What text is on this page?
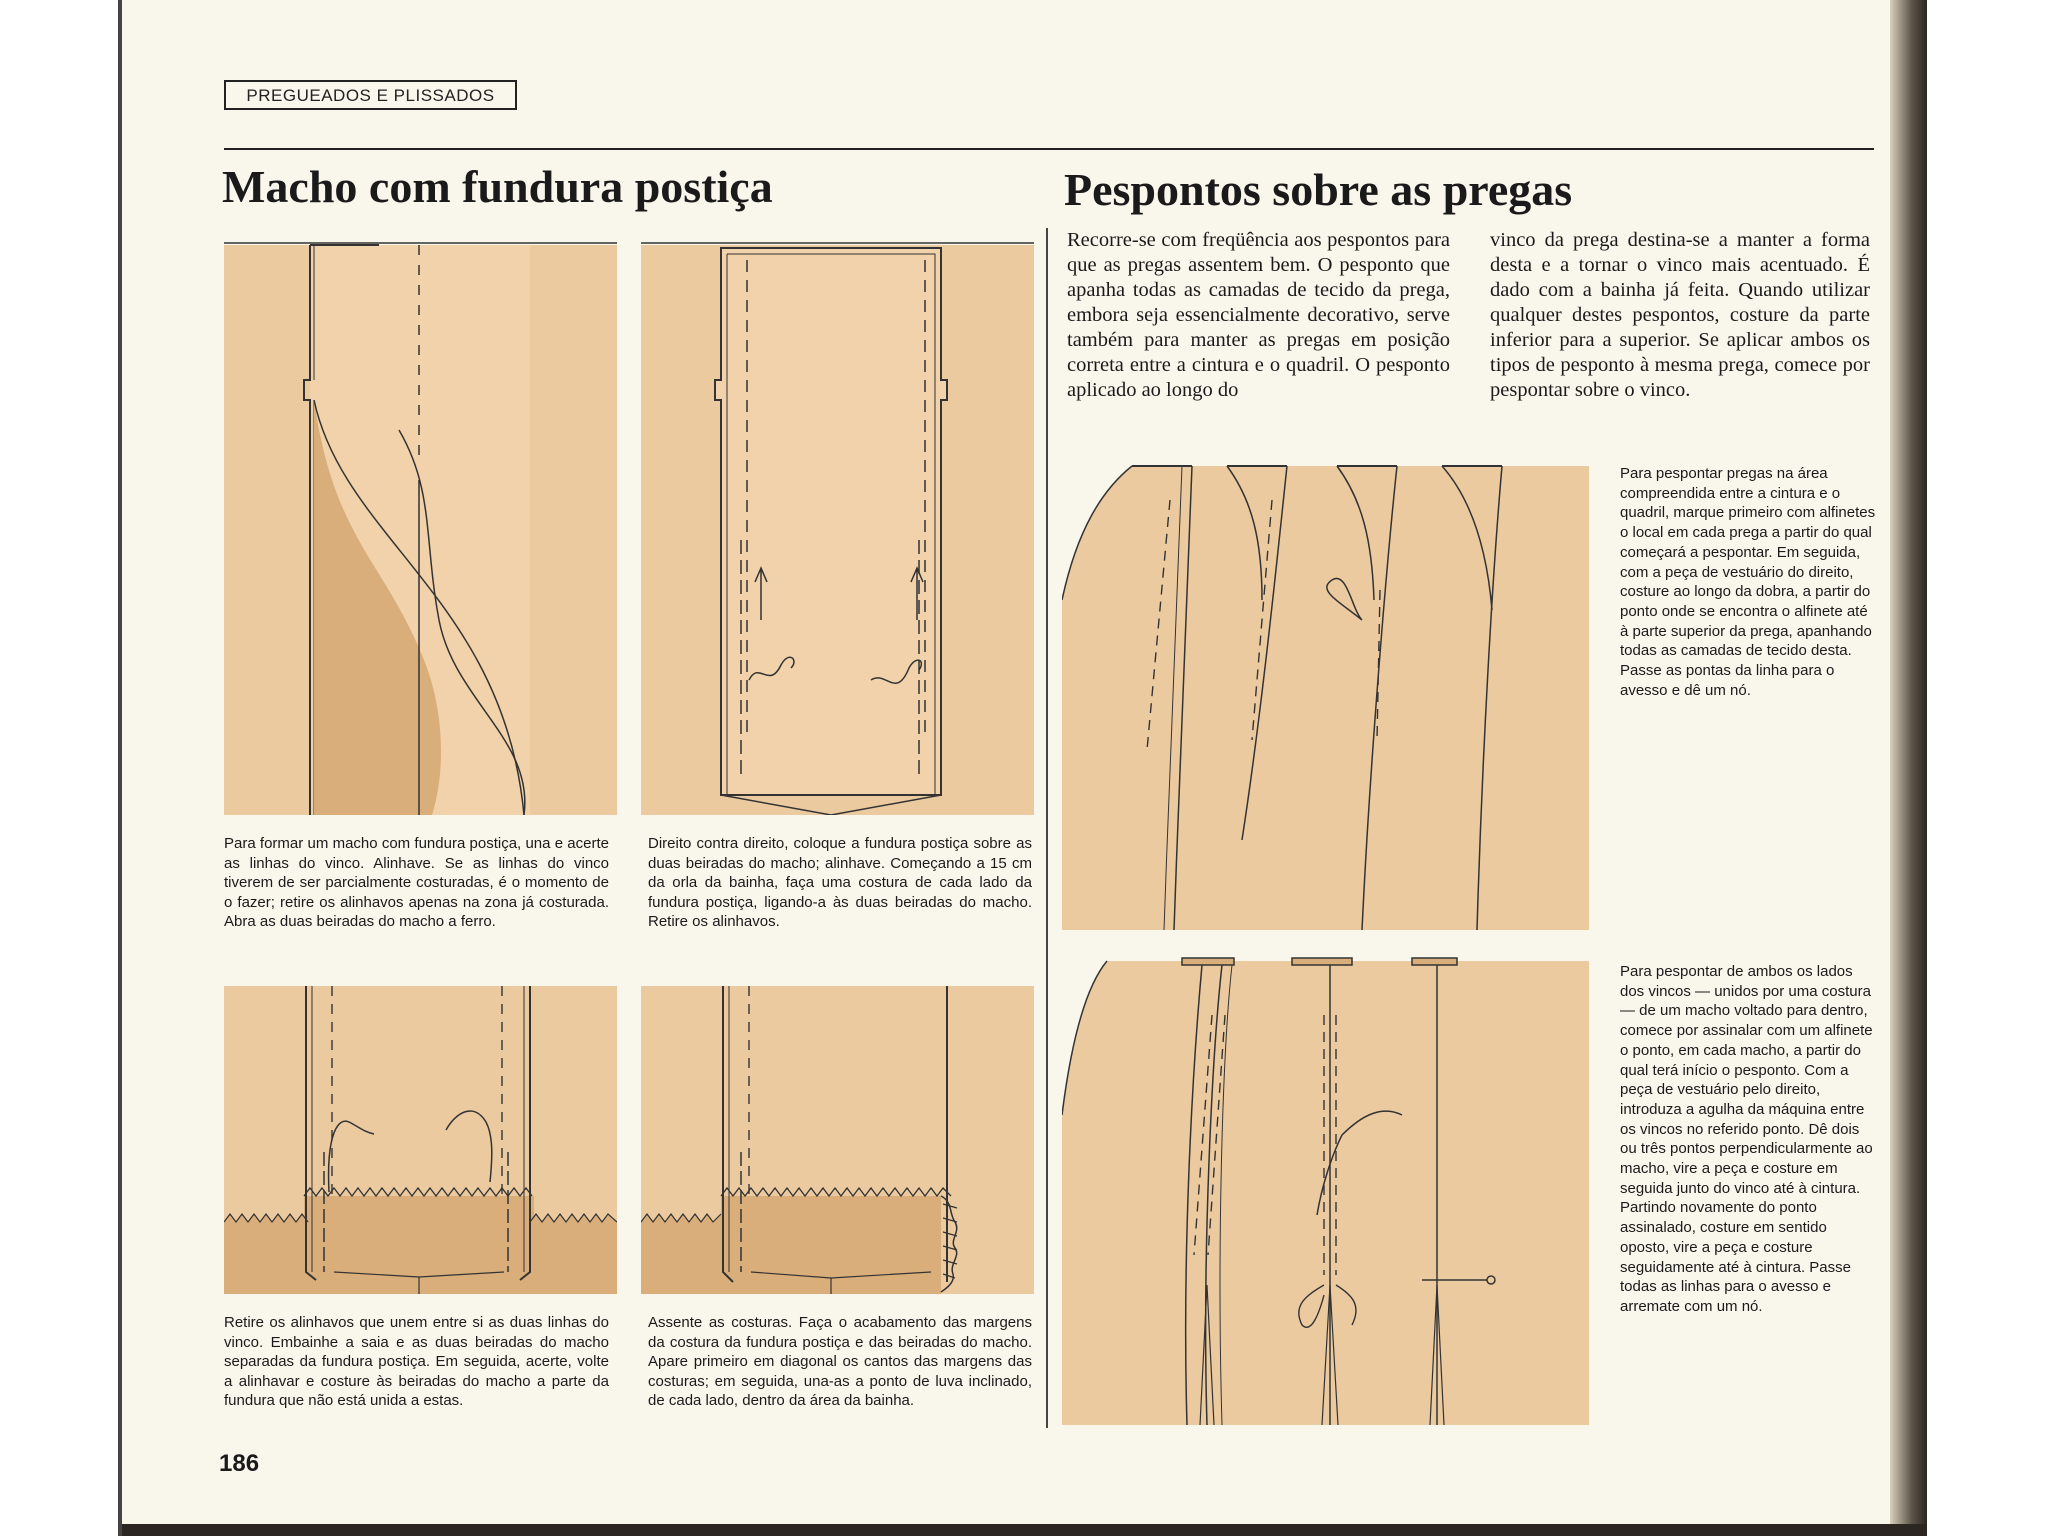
PREGUEADOS E PLISSADOS
Macho com fundura postiça	Pespontos sobre as pregas
Para formar um macho com fundura postiça, una e acerte as linhas do vinco. Alinhave. Se as linhas do vinco tiverem de ser parcialmente costuradas, é o momento de o fazer; retire os alinhavos apenas na zona já costurada. Abra as duas beiradas do macho a ferro.
Direito contra direito, coloque a fundura postiça sobre as duas beiradas do macho; alinhave. Começando a 15 cm da orla da bainha, faça uma costura de cada lado da fundura postiça, ligando-a às duas beiradas do macho. Retire os alinhavos.
Retire os alinhavos que unem entre si as duas linhas do vinco. Embainhe a saia e as duas beiradas do macho separadas da fundura postiça. Em seguida, acerte, volte a alinhavar e costure às beiradas do macho a parte da fundura que não está unida a estas.
Assente as costuras. Faça o acabamento das margens da costura da fundura postiça e das beiradas do macho. Apare primeiro em diagonal os cantos das margens das costuras; em seguida, una-as a ponto de luva inclinado, de cada lado, dentro da área da bainha.
Recorre-se com freqüência aos pespontos para que as pregas assentem bem. O pesponto que apanha todas as camadas de tecido da prega, embora seja essencialmente decorativo, serve também para manter as pregas em posição correta entre a cintura e o quadril. O pesponto aplicado ao longo do
vinco da prega destina-se a manter a forma desta e a tornar o vinco mais acentuado. É dado com a bainha já feita. Quando utilizar qualquer destes pespontos, costure da parte inferior para a superior. Se aplicar ambos os tipos de pesponto à mesma prega, comece por pespontar sobre o vinco.
Para pespontar pregas na área compreendida entre a cintura e o quadril, marque primeiro com alfinetes o local em cada prega a partir do qual começará a pespontar. Em seguida, com a peça de vestuário do direito, costure ao longo da dobra, a partir do ponto onde se encontra o alfinete até à parte superior da prega, apanhando todas as camadas de tecido desta. Passe as pontas da linha para o avesso e dê um nó.
Para pespontar de ambos os lados dos vincos — unidos por uma costura — de um macho voltado para dentro, comece por assinalar com um alfinete o ponto, em cada macho, a partir do qual terá início o pesponto. Com a peça de vestuário pelo direito, introduza a agulha da máquina entre os vincos no referido ponto. Dê dois ou três pontos perpendicularmente ao macho, vire a peça e costure em seguida junto do vinco até à cintura. Partindo novamente do ponto assinalado, costure em sentido oposto, vire a peça e costure seguidamente até à cintura. Passe todas as linhas para o avesso e arremate com um nó.
186
